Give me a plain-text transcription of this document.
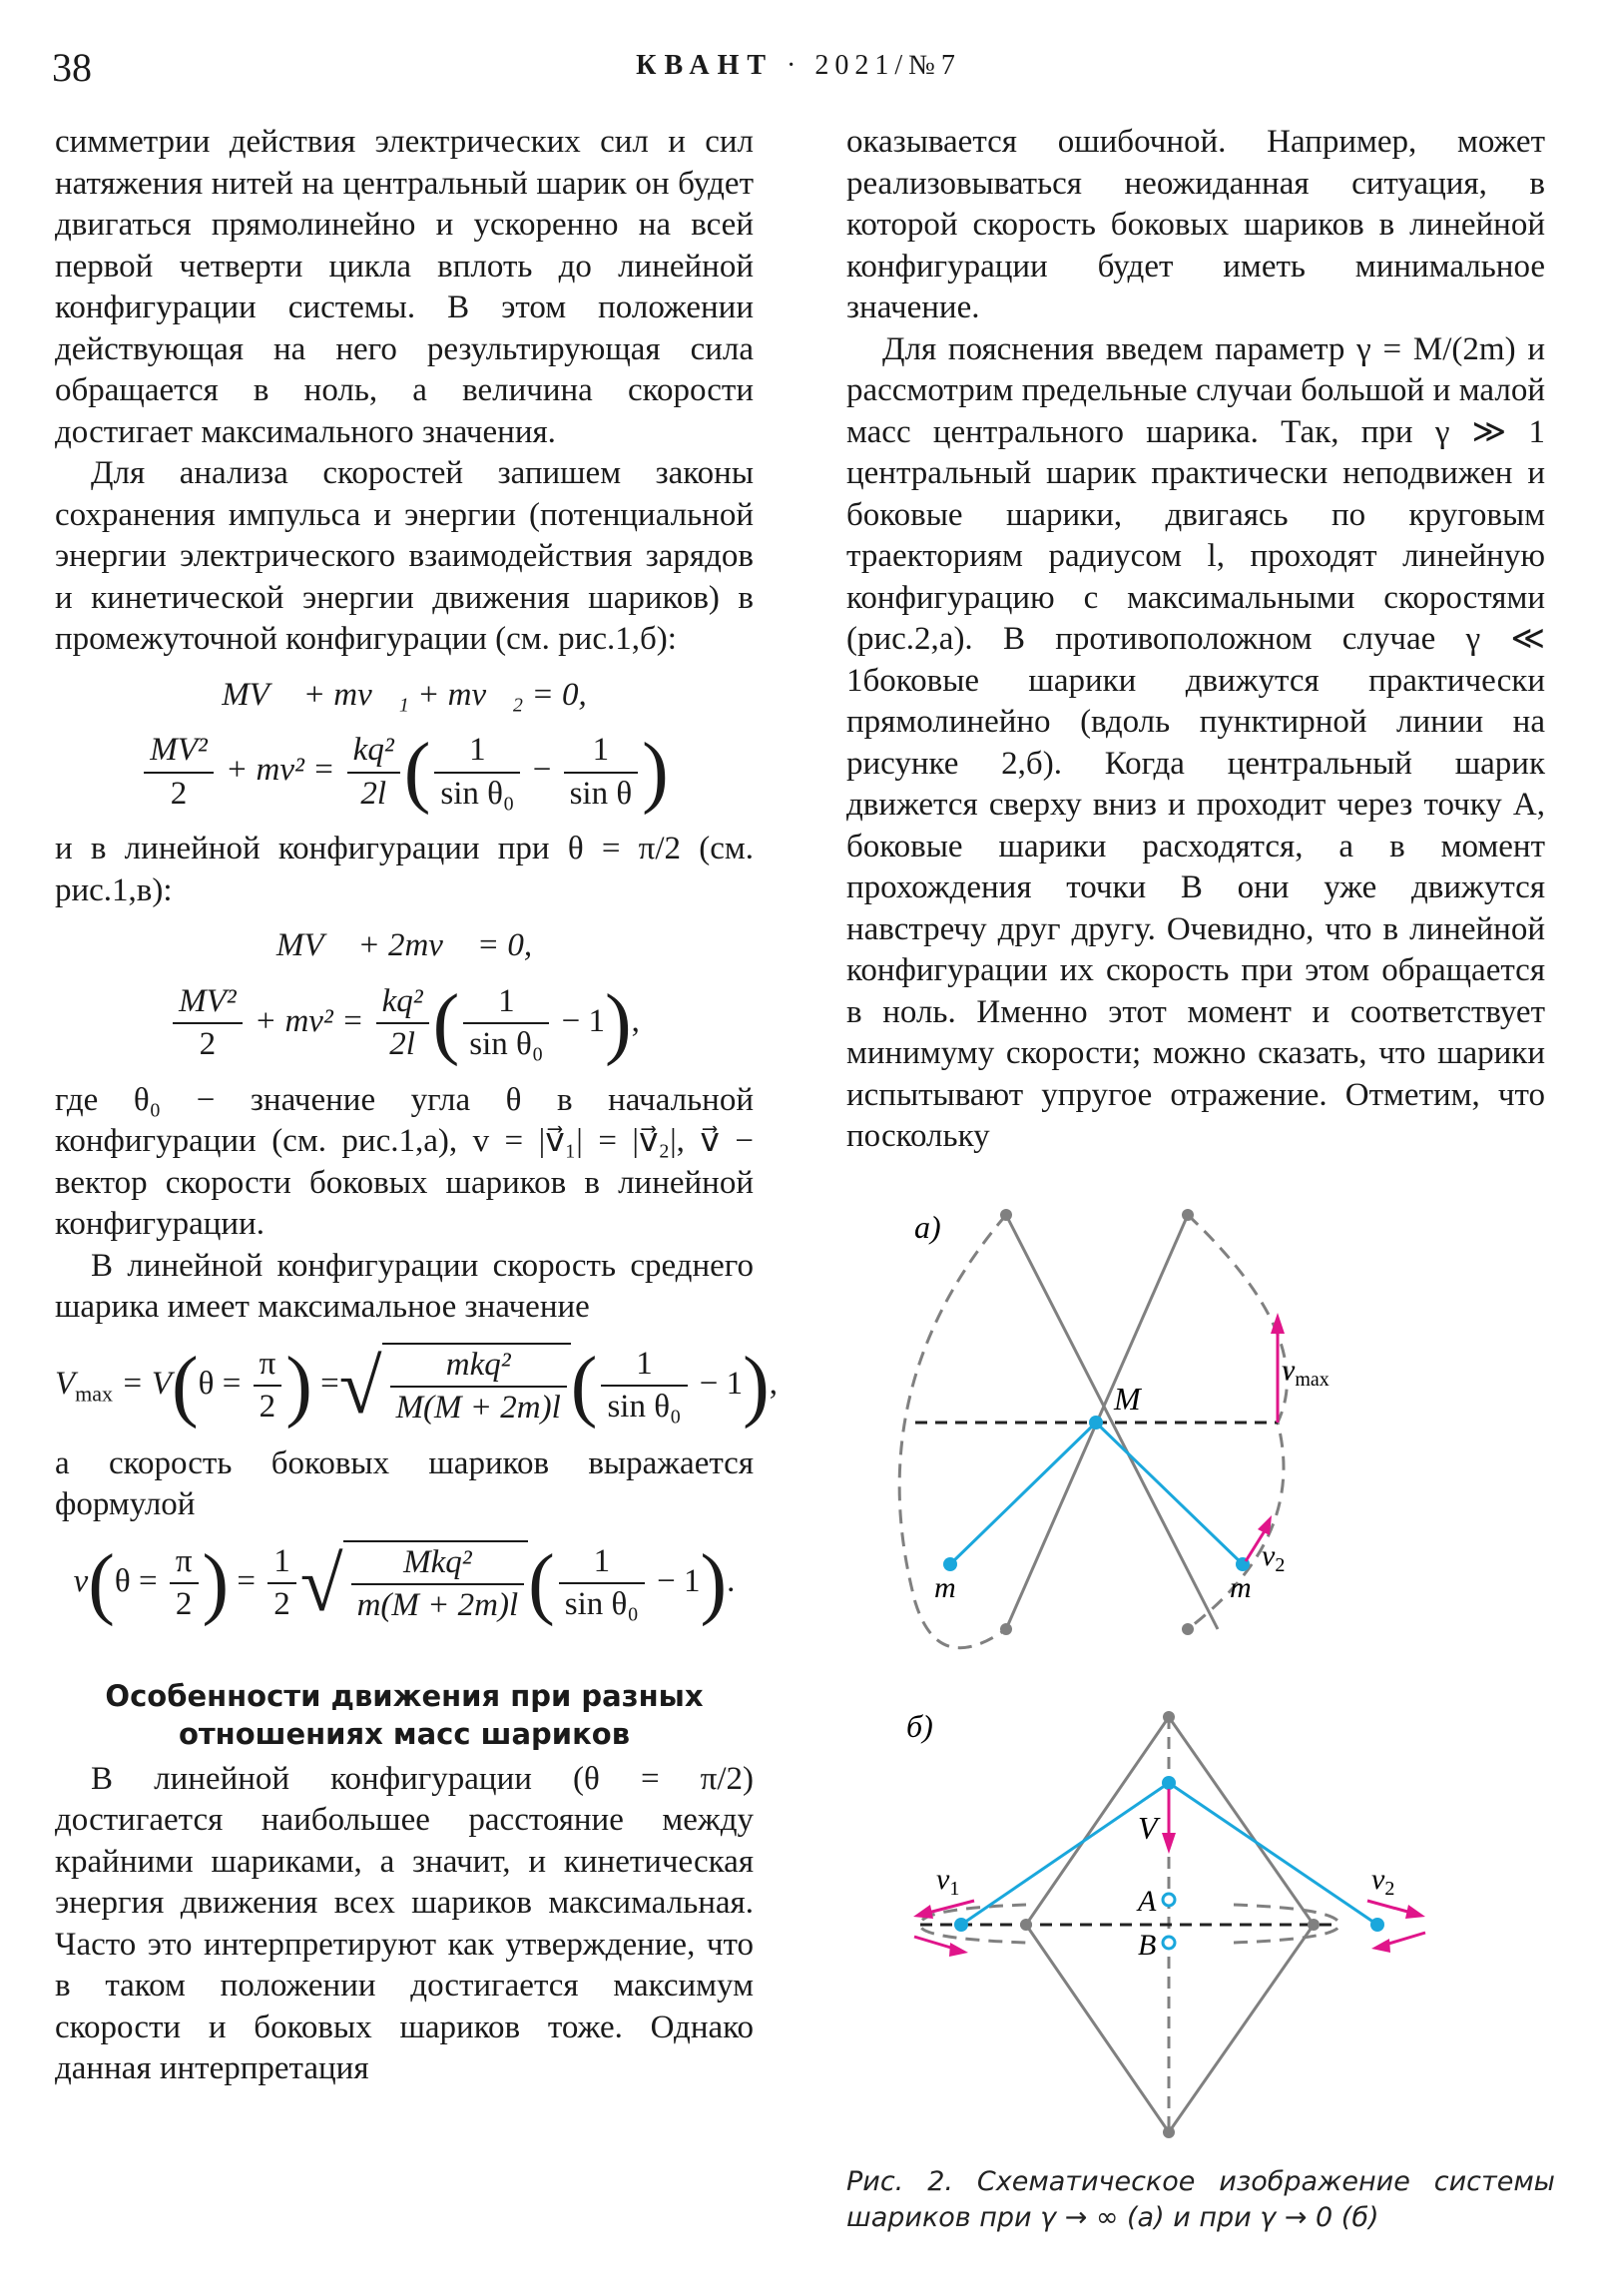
38	КВАНТ · 2021/№7

симметрии действия электрических сил и сил натяжения нитей на центральный шарик он будет двигаться прямолинейно и ускоренно на всей первой четверти цикла вплоть до линейной конфигурации системы. В этом положении действующая на него результирующая сила обращается в ноль, а величина скорости достигает максимального значения.

Для анализа скоростей запишем законы сохранения импульса и энергии (потенциальной энергии электрического взаимодействия зарядов и кинетической энергии движения шариков) в промежуточной конфигурации (см. рис.1,б):

MV⃗ + mv⃗₁ + mv⃗₂ = 0,
$\frac{\text{MV²}}{2} + mv^2 = \frac{\text{kq²}}{2l}$ ( $\frac{1}{\text{sin θ₀}} - \frac{1}{\text{sin θ}}$ )

и в линейной конфигурации при θ = π/2 (см. рис.1,в):

MV⃗ + 2mv⃗ = 0,
$\frac{\text{MV²}}{2} + mv^2 = \frac{\text{kq²}}{2l}$ ( $\frac{1}{\text{sin θ₀}} - 1$),

где θ₀ − значение угла θ в начальной конфигурации (см. рис.1,а), v = |v⃗₁| = |v⃗₂|, v⃗ − вектор скорости боковых шариков в линейной конфигурации.

В линейной конфигурации скорость среднего шарика имеет максимальное значение

$V_{max} = V(\theta = \frac{\pi}{2}$ ) =√ $\frac{\text{mkq²}}{M(M + 2m)l}$ ( $\frac{1}{\text{sin θ₀}} - 1$),

а скорость боковых шариков выражается формулой

$v(\theta = \frac{\pi}{2}$ ) = $\frac{1}{2}$ √ $\frac{\text{Mkq²}}{m(M + 2m)l}$ ( $\frac{1}{\text{sin θ₀}} - 1$).
Особенности движения при разных отношениях масс шариков

В линейной конфигурации (θ = π/2) достигается наибольшее расстояние между крайними шариками, а значит, и кинетическая энергия движения всех шариков максимальная. Часто это интерпретируют как утверждение, что в таком положении достигается максимум скорости и боковых шариков тоже. Однако данная интерпретация

оказывается ошибочной. Например, может реализовываться неожиданная ситуация, в которой скорость боковых шариков в линейной конфигурации будет иметь минимальное значение.

Для пояснения введем параметр γ = M/(2m) и рассмотрим предельные случаи большой и малой масс центрального шарика. Так, при γ ≫ 1 центральный шарик практически неподвижен и боковые шарики, двигаясь по круговым траекториям радиусом l, проходят линейную конфигурацию с максимальными скоростями (рис.2,а). В противоположном случае γ ≪ 1боковые шарики движутся практически прямолинейно (вдоль пунктирной линии на рисунке 2,б). Когда центральный шарик движется сверху вниз и проходит через точку A, боковые шарики расходятся, а в момент прохождения точки B они уже движутся навстречу друг другу. Очевидно, что в линейной конфигурации их скорость при этом обращается в ноль. Именно этот момент и соответствует минимуму скорости; можно сказать, что шарики испытывают упругое отражение. Отметим, что поскольку

а)
M
m	m
$v_{max}$
$v_2$
б)
V
A
B
$v_1$	$v_2$
Рис. 2. Схематическое изображение системы шариков при γ → ∞ (а) и при γ → 0 (б)
